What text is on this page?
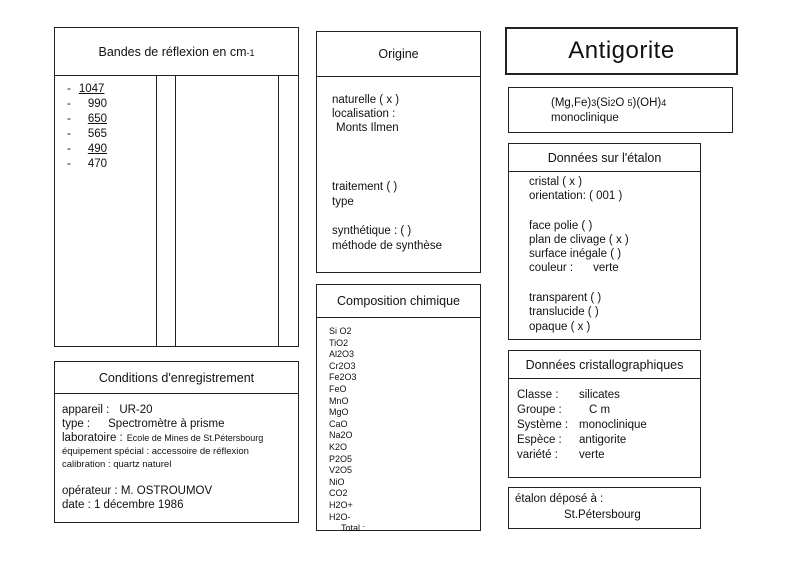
Bandes de réflexion en cm -1
- 1047
- 990
- 650
- 565
- 490
- 470
Origine
naturelle ( x )
localisation :
Monts Ilmen
traitement ( )
type
synthétique : ( )
méthode de synthèse
Antigorite
(Mg,Fe)3(Si2O 5)(OH)4
monoclinique
Données sur l'étalon
cristal ( x )
orientation: ( 001 )
face polie ( )
plan de clivage ( x )
surface inégale ( )
couleur : verte
transparent ( )
translucide ( )
opaque ( x )
Composition chimique
Si O2
TiO2
Al2O3
Cr2O3
Fe2O3
FeO
MnO
MgO
CaO
Na2O
K2O
P2O5
V2O5
NiO
CO2
H2O+
H2O-
Total :
Données cristallographiques
Classe : silicates
Groupe : C m
Système : monoclinique
Espèce : antigorite
variété : verte
Conditions d'enregistrement
appareil : UR-20
type : Spectromètre à prisme
laboratoire : Ecole de Mines de St.Pétersbourg
équipement spécial : accessoire de réflexion
calibration : quartz naturel
opérateur : M. OSTROUMOV
date : 1 décembre 1986	étalon déposé à :
St.Pétersbourg
